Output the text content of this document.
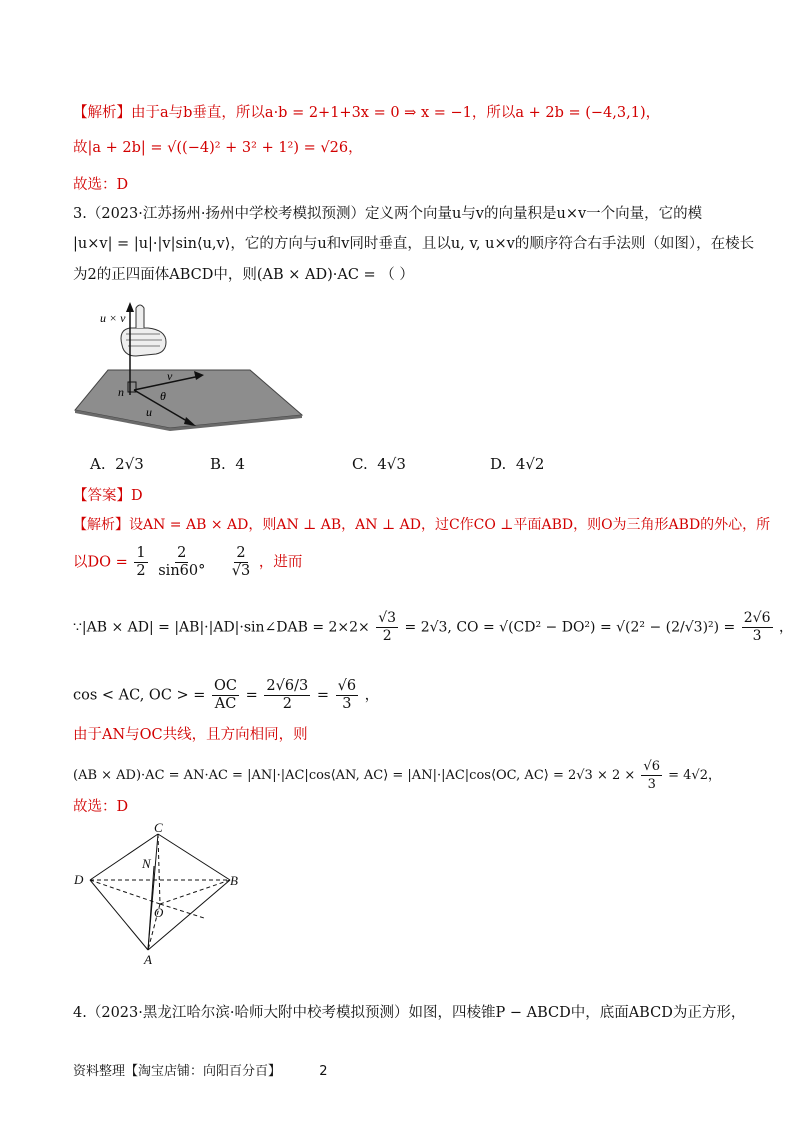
【解析】由于a与b垂直，所以a·b = 2+1+3x = 0 ⇒ x = −1，所以a + 2b = (−4,3,1)，
故|a + 2b| = √((−4)² + 3² + 1²) = √26，
故选：D
3.（2023·江苏扬州·扬州中学校考模拟预测）定义两个向量u与v的向量积是u×v一个向量，它的模
|u×v| = |u|·|v|sin⟨u,v⟩，它的方向与u和v同时垂直，且以u, v, u×v的顺序符合右手法则（如图），在棱长
为2的正四面体ABCD中，则(AB × AD)·AC = （ ）
u × v
n
v
θ
u
A. 2√3	B. 4	C. 4√3	D. 4√2
【答案】D
【解析】设AN = AB × AD，则AN ⊥ AB，AN ⊥ AD，过C作CO ⊥平面ABD，则O为三角形ABD的外心，所
以DO = $\frac{1}{2}$
$\frac{2}{\sin 60^\circ}$
$\frac{2}{√3}$ ，进而
∵|AB × AD| = |AB|·|AD|·sin∠DAB = $2\times 2\times \frac{√3}{2} = 2√3$, CO = $√(CD^2 - DO^2) = √(2^2 - (2/√3)^2) = \frac{2√6}{3}$ ，
cos < AC, OC > = $\frac{OC}{AC} = \frac{2√6/3}{2} = \frac{√6}{3}$ ，
由于AN与OC共线，且方向相同，则
(AB × AD)·AC = AN·AC = |AN|·|AC|cos⟨AN, AC⟩ = |AN|·|AC|cos⟨OC, AC⟩ = $2√3 \times 2 \times \frac{√6}{3} = 4√2$，
故选：D
C
N
D	B
O
A
4.（2023·黑龙江哈尔滨·哈师大附中校考模拟预测）如图，四棱锥P − ABCD中，底面ABCD为正方形，
资料整理【淘宝店铺：向阳百分百】	2
